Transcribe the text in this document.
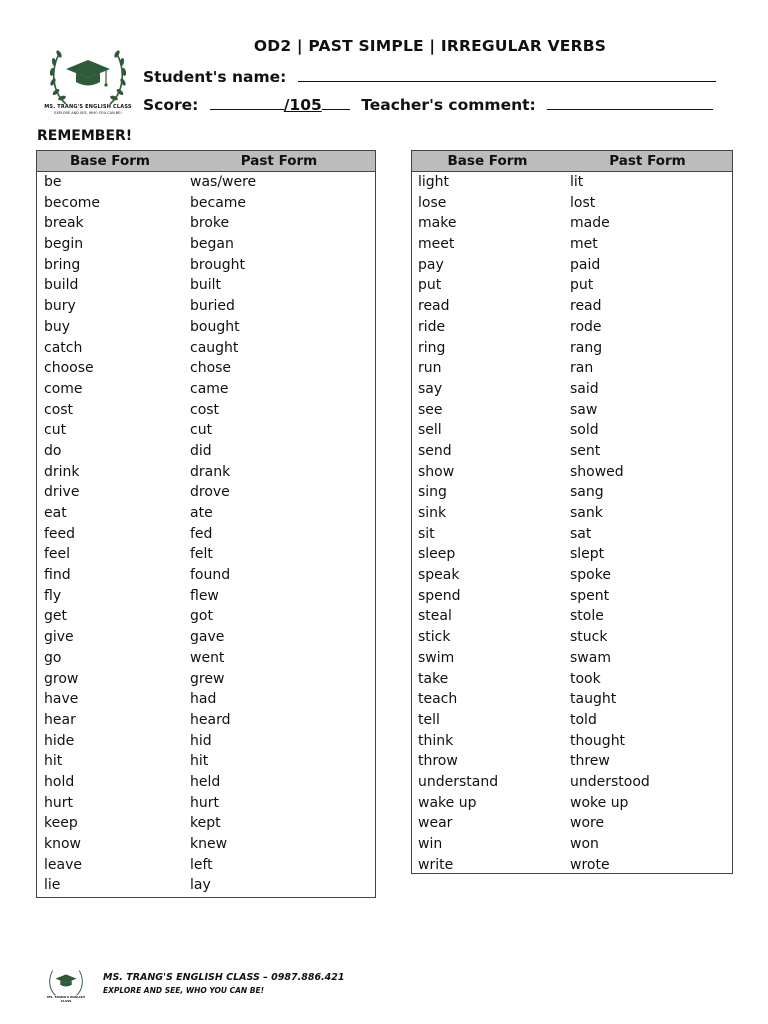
MS. TRANG'S ENGLISH CLASS
EXPLORE AND SEE, WHO YOU CAN BE!
OD2 | PAST SIMPLE | IRREGULAR VERBS
Student's name:
Score:	/105	Teacher's comment:
REMEMBER!
Base Form	Past Form
be	was/were
become	became
break	broke
begin	began
bring	brought
build	built
bury	buried
buy	bought
catch	caught
choose	chose
come	came
cost	cost
cut	cut
do	did
drink	drank
drive	drove
eat	ate
feed	fed
feel	felt
find	found
fly	flew
get	got
give	gave
go	went
grow	grew
have	had
hear	heard
hide	hid
hit	hit
hold	held
hurt	hurt
keep	kept
know	knew
leave	left
lie	lay
Base Form	Past Form
light	lit
lose	lost
make	made
meet	met
pay	paid
put	put
read	read
ride	rode
ring	rang
run	ran
say	said
see	saw
sell	sold
send	sent
show	showed
sing	sang
sink	sank
sit	sat
sleep	slept
speak	spoke
spend	spent
steal	stole
stick	stuck
swim	swam
take	took
teach	taught
tell	told
think	thought
throw	threw
understand	understood
wake up	woke up
wear	wore
win	won
write	wrote
MS. TRANG'S ENGLISH CLASS
MS. TRANG'S ENGLISH CLASS – 0987.886.421
EXPLORE AND SEE, WHO YOU CAN BE!
